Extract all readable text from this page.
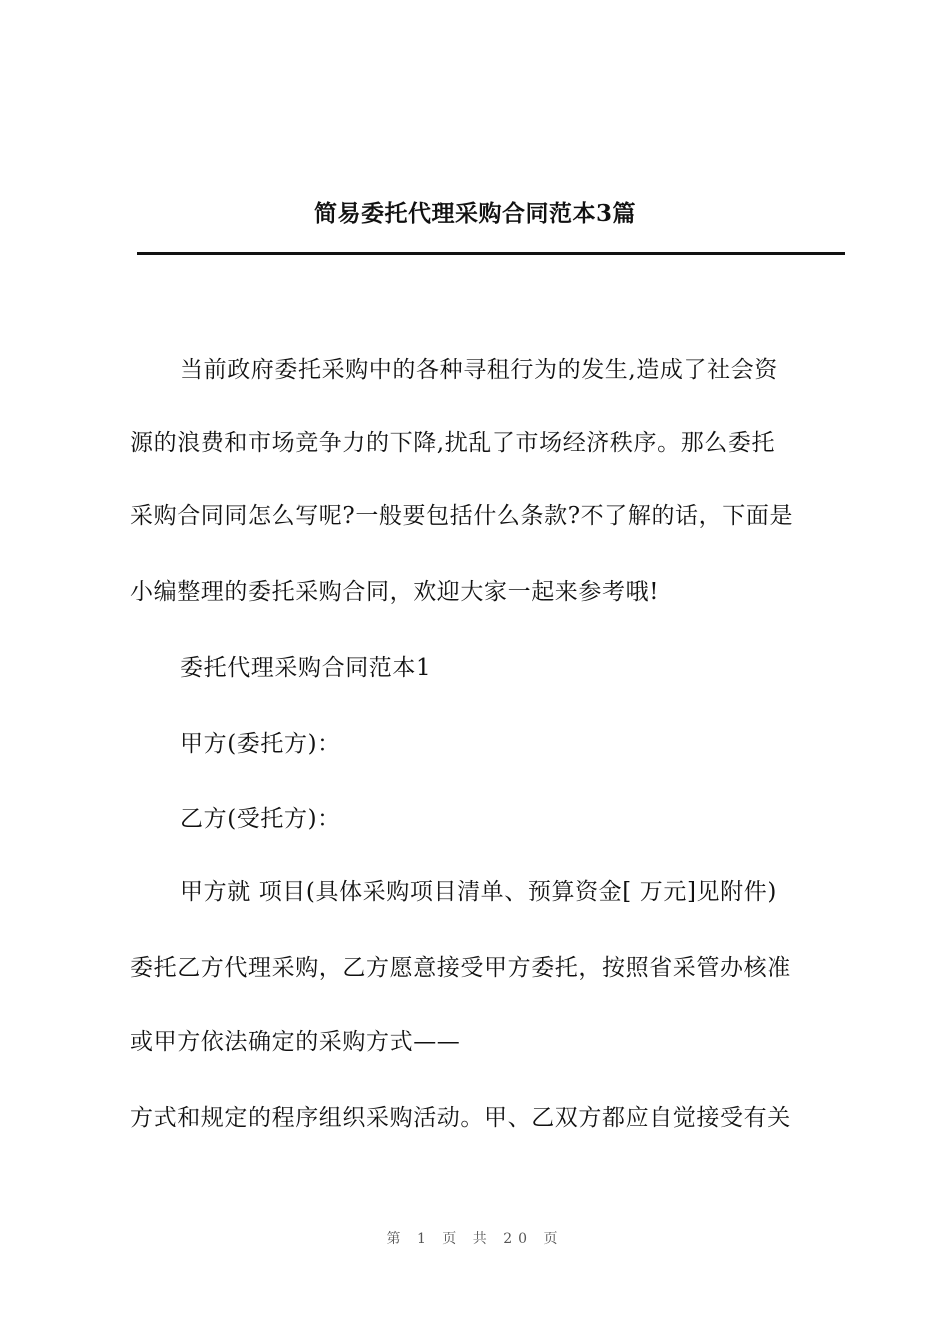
简易委托代理采购合同范本3篇
当前政府委托采购中的各种寻租行为的发生,造成了社会资
源的浪费和市场竞争力的下降,扰乱了市场经济秩序。那么委托
采购合同同怎么写呢?一般要包括什么条款?不了解的话，下面是
小编整理的委托采购合同，欢迎大家一起来参考哦!
委托代理采购合同范本1
甲方(委托方)：
乙方(受托方)：
甲方就 项目(具体采购项目清单、预算资金[ 万元]见附件)
委托乙方代理采购，乙方愿意接受甲方委托，按照省采管办核准
或甲方依法确定的采购方式——
方式和规定的程序组织采购活动。甲、乙双方都应自觉接受有关
第 1 页 共 20 页
